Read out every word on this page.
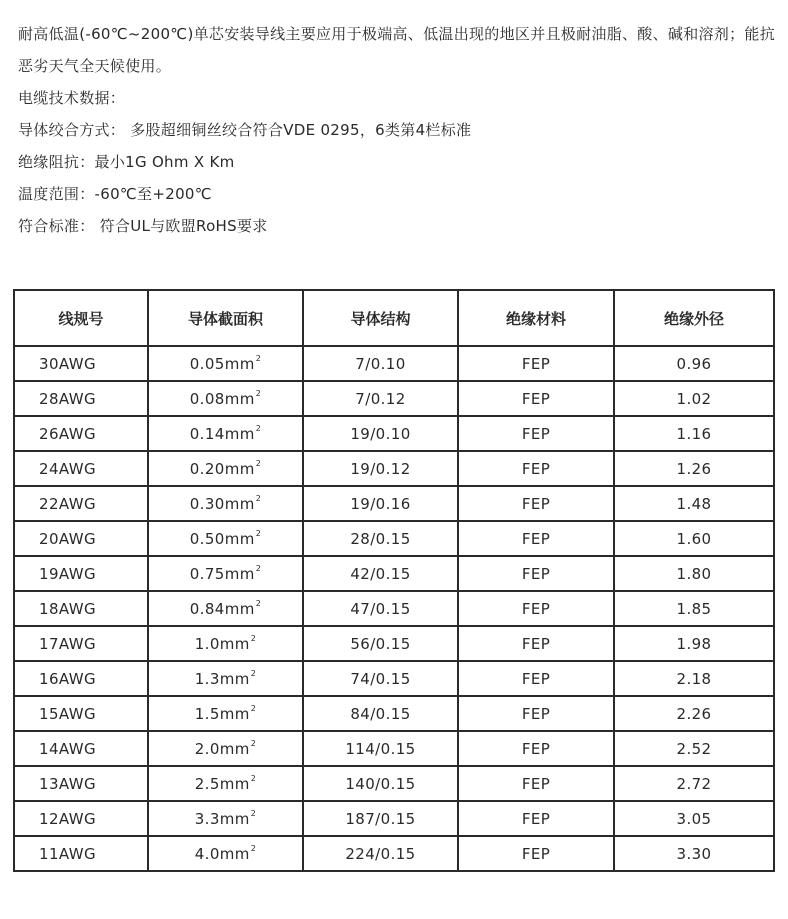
耐高低温(-60℃~200℃)单芯安装导线主要应用于极端高、低温出现的地区并且极耐油脂、酸、碱和溶剂；能抗恶劣天气全天候使用。

电缆技术数据：

导体绞合方式： 多股超细铜丝绞合符合VDE 0295，6类第4栏标准

绝缘阻抗：最小1G Ohm X Km

温度范围：-60℃至+200℃

符合标准： 符合UL与欧盟RoHS要求

线规号	导体截面积	导体结构	绝缘材料	绝缘外径
30AWG	$0.05mm^2$	7/0.10	FEP	0.96
28AWG	$0.08mm^2$	7/0.12	FEP	1.02
26AWG	$0.14mm^2$	19/0.10	FEP	1.16
24AWG	$0.20mm^2$	19/0.12	FEP	1.26
22AWG	$0.30mm^2$	19/0.16	FEP	1.48
20AWG	$0.50mm^2$	28/0.15	FEP	1.60
19AWG	$0.75mm^2$	42/0.15	FEP	1.80
18AWG	$0.84mm^2$	47/0.15	FEP	1.85
17AWG	$1.0mm^2$	56/0.15	FEP	1.98
16AWG	$1.3mm^2$	74/0.15	FEP	2.18
15AWG	$1.5mm^2$	84/0.15	FEP	2.26
14AWG	$2.0mm^2$	114/0.15	FEP	2.52
13AWG	$2.5mm^2$	140/0.15	FEP	2.72
12AWG	$3.3mm^2$	187/0.15	FEP	3.05
11AWG	$4.0mm^2$	224/0.15	FEP	3.30
